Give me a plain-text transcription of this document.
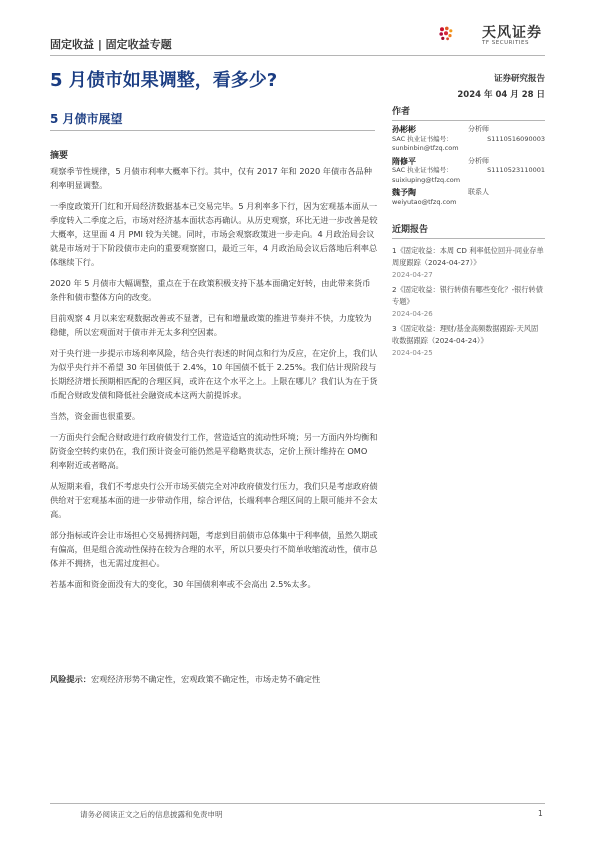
固定收益 | 固定收益专题
天风证券
TF SECURITIES
5 月债市如果调整，看多少?	证券研究报告
2024 年 04 月 28 日
5 月债市展望
摘要

观察季节性规律，5 月债市利率大概率下行。其中，仅有 2017 年和 2020 年债市各品种利率明显调整。

一季度政策开门红和开局经济数据基本已交易完毕。5 月利率多下行，因为宏观基本面从一季度转入二季度之后，市场对经济基本面状态再确认。从历史观察，环比无进一步改善是较大概率，这里面 4 月 PMI 较为关键。同时，市场会观察政策进一步走向。4 月政治局会议就是市场对于下阶段债市走向的重要观察窗口，最近三年，4 月政治局会议后落地后利率总体继续下行。

2020 年 5 月债市大幅调整，重点在于在政策积极支持下基本面确定好转，由此带来货币条件和债市整体方向的改变。

目前观察 4 月以来宏观数据改善或不显著，已有和增量政策的推进节奏并不快，力度较为稳健，所以宏观面对于债市并无太多利空因素。

对于央行进一步提示市场利率风险，结合央行表述的时间点和行为反应，在定价上，我们认为似乎央行并不希望 30 年国债低于 2.4%，10 年国债不低于 2.25%。我们估计现阶段与长期经济增长预期相匹配的合理区间，或许在这个水平之上。上限在哪儿？我们认为在于货币配合财政发债和降低社会融资成本这两大前提诉求。

当然，资金面也很重要。

一方面央行会配合财政进行政府债发行工作，营造适宜的流动性环境；另一方面内外均衡和防资金空转约束仍在，我们预计资金可能仍然是平稳略贵状态，定价上预计维持在 OMO 利率附近或者略高。

从短期来看，我们不考虑央行公开市场买债完全对冲政府债发行压力，我们只是考虑政府债供给对于宏观基本面的进一步带动作用，综合评估，长端利率合理区间的上限可能并不会太高。

部分指标或许会让市场担心交易拥挤问题，考虑到目前债市总体集中于利率债，虽然久期或有偏高，但是组合流动性保持在较为合理的水平，所以只要央行不简单收缩流动性，债市总体并不拥挤，也无需过度担心。

若基本面和资金面没有大的变化，30 年国债利率或不会高出 2.5%太多。

风险提示：宏观经济形势不确定性，宏观政策不确定性，市场走势不确定性
作者
孙彬彬	分析师
SAC 执业证书编号：	S1110516090003
sunbinbin@tfzq.com
隋修平	分析师
SAC 执业证书编号：	S1110523110001
suixiuping@tfzq.com
魏予陶	联系人
weiyutao@tfzq.com
近期报告
1《固定收益：本周 CD 利率低位回升-同业存单周度跟踪（2024-04-27）》
2024-04-27
2《固定收益：银行转债有哪些变化？-银行转债专题》
2024-04-26
3《固定收益：理财/基金高频数据跟踪-天风固收数据跟踪（2024-04-24）》
2024-04-25
请务必阅读正文之后的信息披露和免责申明	1
